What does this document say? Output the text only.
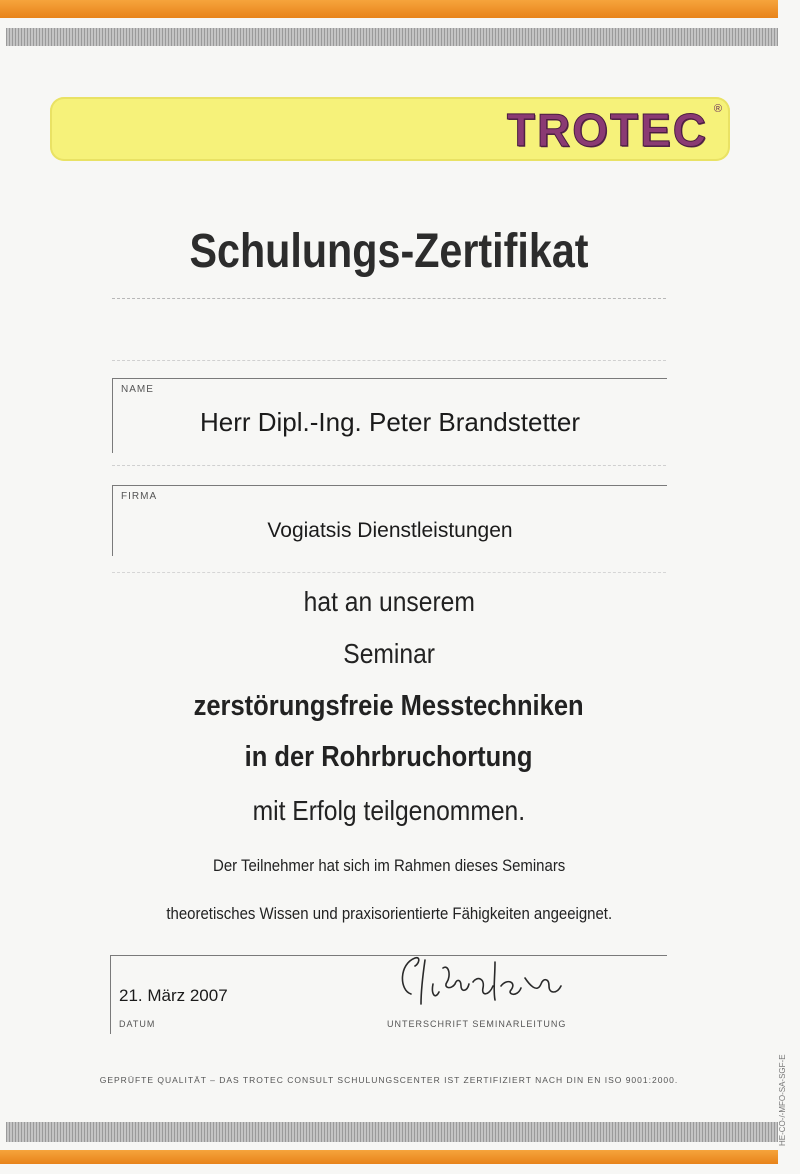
TROTEC ®
Schulungs-Zertifikat
NAME
Herr Dipl.-Ing. Peter Brandstetter
FIRMA
Vogiatsis Dienstleistungen
hat an unserem
Seminar
zerstörungsfreie Messtechniken
in der Rohrbruchortung
mit Erfolg teilgenommen.
Der Teilnehmer hat sich im Rahmen dieses Seminars
theoretisches Wissen und praxisorientierte Fähigkeiten angeeignet.
21. März 2007
DATUM	UNTERSCHRIFT SEMINARLEITUNG
GEPRÜFTE QUALITÄT – DAS TROTEC CONSULT SCHULUNGSCENTER IST ZERTIFIZIERT NACH DIN EN ISO 9001:2000.	HE-CO-/-MFO-SA-SGF-E
